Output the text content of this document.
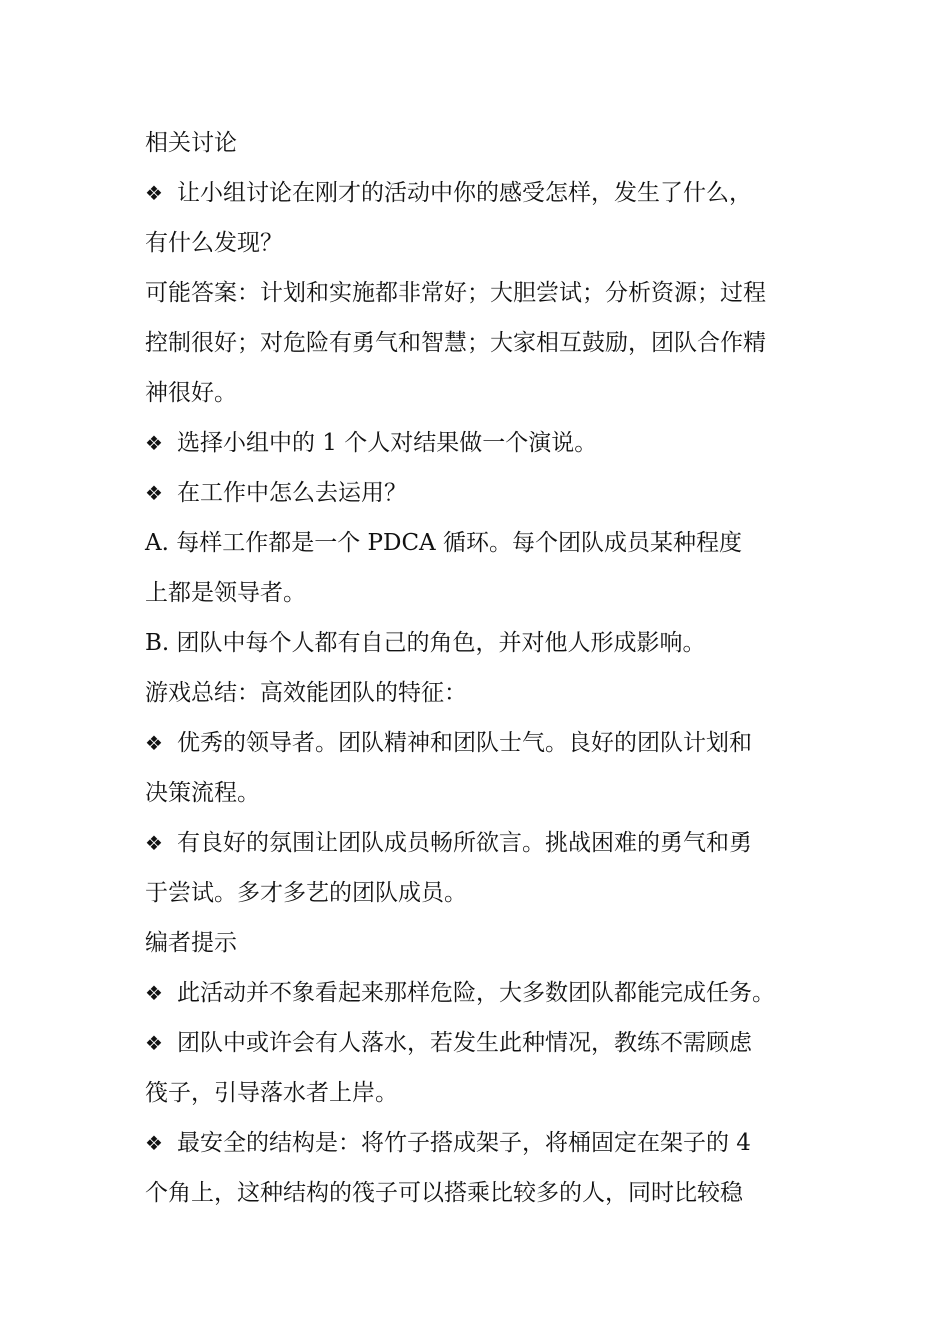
相关讨论
❖ 让小组讨论在刚才的活动中你的感受怎样，发生了什么，
有什么发现？
可能答案：计划和实施都非常好；大胆尝试；分析资源；过程
控制很好；对危险有勇气和智慧；大家相互鼓励，团队合作精
神很好。
❖ 选择小组中的 1 个人对结果做一个演说。
❖ 在工作中怎么去运用？
A. 每样工作都是一个 PDCA 循环。每个团队成员某种程度
上都是领导者。
B. 团队中每个人都有自己的角色，并对他人形成影响。
游戏总结：高效能团队的特征：
❖ 优秀的领导者。团队精神和团队士气。良好的团队计划和
决策流程。
❖ 有良好的氛围让团队成员畅所欲言。挑战困难的勇气和勇
于尝试。多才多艺的团队成员。
编者提示
❖ 此活动并不象看起来那样危险，大多数团队都能完成任务。
❖ 团队中或许会有人落水，若发生此种情况，教练不需顾虑
筏子，引导落水者上岸。
❖ 最安全的结构是：将竹子搭成架子，将桶固定在架子的 4
个角上，这种结构的筏子可以搭乘比较多的人，同时比较稳
